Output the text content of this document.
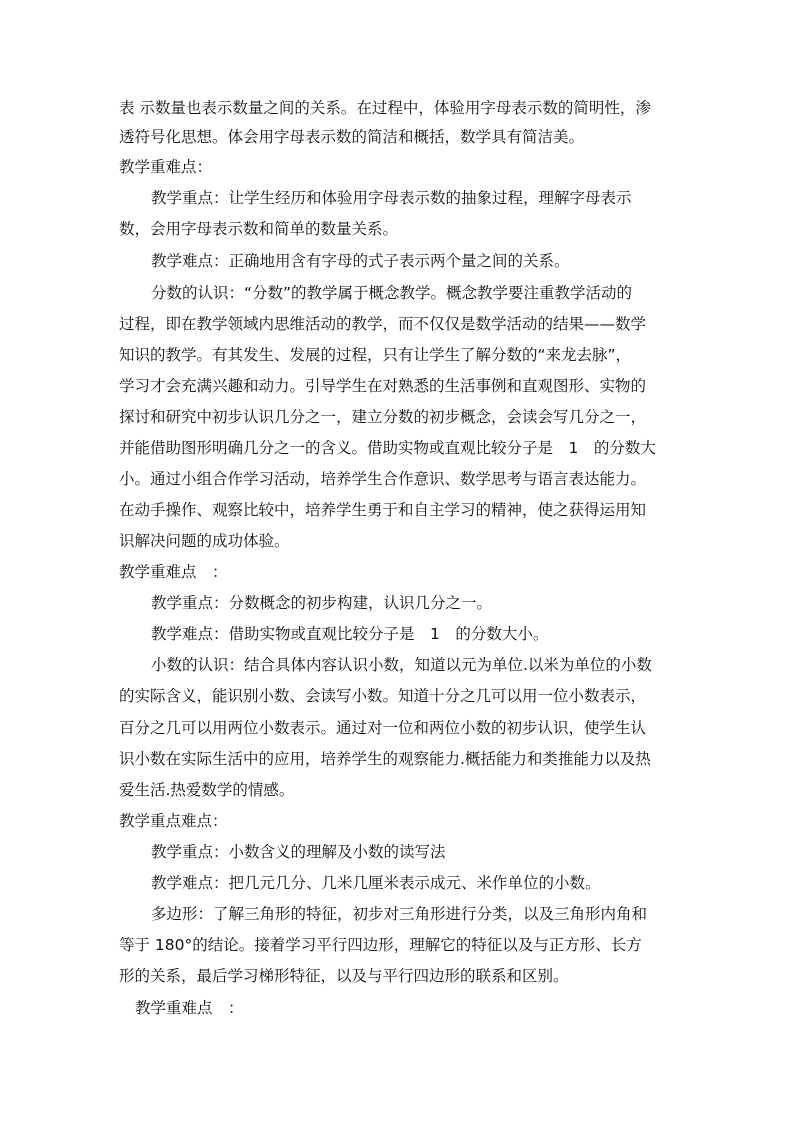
表 示数量也表示数量之间的关系。在过程中，体验用字母表示数的简明性，渗
透符号化思想。体会用字母表示数的简洁和概括，数学具有简洁美。
教学重难点：
教学重点：让学生经历和体验用字母表示数的抽象过程，理解字母表示
数，会用字母表示数和简单的数量关系。
教学难点：正确地用含有字母的式子表示两个量之间的关系。
分数的认识：“分数”的教学属于概念教学。概念教学要注重教学活动的
过程，即在教学领域内思维活动的教学，而不仅仅是数学活动的结果——数学
知识的教学。有其发生、发展的过程，只有让学生了解分数的“来龙去脉”，
学习才会充满兴趣和动力。引导学生在对熟悉的生活事例和直观图形、实物的
探讨和研究中初步认识几分之一，建立分数的初步概念，会读会写几分之一，
并能借助图形明确几分之一的含义。借助实物或直观比较分子是　1　的分数大
小。通过小组合作学习活动，培养学生合作意识、数学思考与语言表达能力。
在动手操作、观察比较中，培养学生勇于和自主学习的精神，使之获得运用知
识解决问题的成功体验。
教学重难点　：
教学重点：分数概念的初步构建，认识几分之一。
教学难点：借助实物或直观比较分子是　1　的分数大小。
小数的认识：结合具体内容认识小数，知道以元为单位.以米为单位的小数
的实际含义，能识别小数、会读写小数。知道十分之几可以用一位小数表示，
百分之几可以用两位小数表示。通过对一位和两位小数的初步认识，使学生认
识小数在实际生活中的应用，培养学生的观察能力.概括能力和类推能力以及热
爱生活.热爱数学的情感。
教学重点难点：
教学重点：小数含义的理解及小数的读写法
教学难点：把几元几分、几米几厘米表示成元、米作单位的小数。
多边形：了解三角形的特征，初步对三角形进行分类，以及三角形内角和
等于 180°的结论。接着学习平行四边形，理解它的特征以及与正方形、长方
形的关系，最后学习梯形特征，以及与平行四边形的联系和区别。
教学重难点　：
